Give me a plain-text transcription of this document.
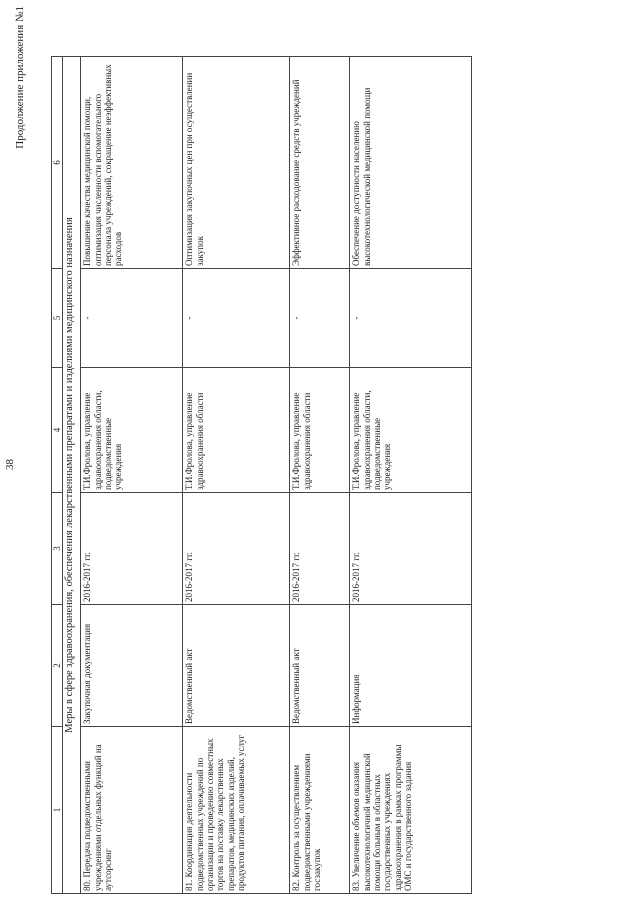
38
Продолжение приложения №1
1	2	3	4	5	6
Меры в сфере здравоохранения, обеспечения лекарственными препаратами и изделиями медицинского назначения					
80. Передача подведомственными учреждениями отдельных функций на аутсорсинг	Закупочная документация	2016-2017 гг.	Т.И.Фролова, управление здравоохранения области, подведомственные учреждения	-	Повышение качества медицинской помощи, оптимизация численности вспомогательного персонала учреждений, сокращение неэффективных расходов
81. Координация деятельности подведомственных учреждений по организации и проведению совместных торгов на поставку лекарственных препаратов, медицинских изделий, продуктов питания, оплачиваемых услуг	Ведомственный акт	2016-2017 гг.	Т.И.Фролова, управление здравоохранения области	-	Оптимизация закупочных цен при осуществлении закупок
82. Контроль за осуществлением подведомственными учреждениями госзакупок	Ведомственный акт	2016-2017 гг.	Т.И.Фролова, управление здравоохранения области	-	Эффективное расходование средств учреждений
83. Увеличение объемов оказания высокотехнологичной медицинской помощи больным в областных государственных учреждениях здравоохранения в рамках программы ОМС и государственного задания	Информация	2016-2017 гг.	Т.И.Фролова, управление здравоохранения области, подведомственные учреждения	-	Обеспечение доступности населению высокотехнологической медицинской помощи
